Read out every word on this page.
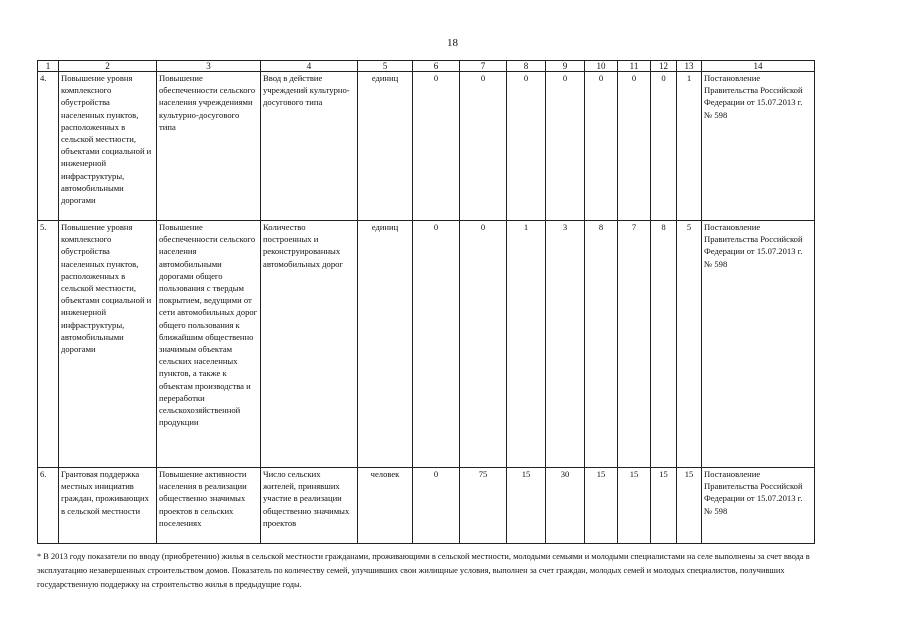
18
1	2	3	4	5	6	7	8	9	10	11	12	13	14
4.	Повышение уровня комплексного обустройства населенных пунктов, расположенных в сельской местности, объектами социальной и инженерной инфраструктуры, автомобильными дорогами	Повышение обеспеченности сельского населения учреждениями культурно-досугового типа	Ввод в действие учреждений культурно-досугового типа	единиц	0	0	0	0	0	0	0	1	Постановление Правительства Российской Федерации от 15.07.2013 г. № 598
5.	Повышение уровня комплексного обустройства населенных пунктов, расположенных в сельской местности, объектами социальной и инженерной инфраструктуры, автомобильными дорогами	Повышение обеспеченности сельского населения автомобильными дорогами общего пользования с твердым покрытием, ведущими от сети автомобильных дорог общего пользования к ближайшим общественно значимым объектам сельских населенных пунктов, а также к объектам производства и переработки сельскохозяйственной продукции	Количество построенных и реконструированных автомобильных дорог	единиц	0	0	1	3	8	7	8	5	Постановление Правительства Российской Федерации от 15.07.2013 г. № 598
6.	Грантовая поддержка местных инициатив граждан, проживающих в сельской местности	Повышение активности населения в реализации общественно значимых проектов в сельских поселениях	Число сельских жителей, принявших участие в реализации общественно значимых проектов	человек	0	75	15	30	15	15	15	15	Постановление Правительства Российской Федерации от 15.07.2013 г. № 598
* В 2013 году показатели по вводу (приобретению) жилья в сельской местности гражданами, проживающими в сельской местности, молодыми семьями и молодыми специалистами на селе выполнены за счет ввода в эксплуатацию незавершенных строительством домов. Показатель по количеству семей, улучшивших свои жилищные условия, выполнен за счет граждан, молодых семей и молодых специалистов, получивших государственную поддержку на строительство жилья в предыдущие годы.
